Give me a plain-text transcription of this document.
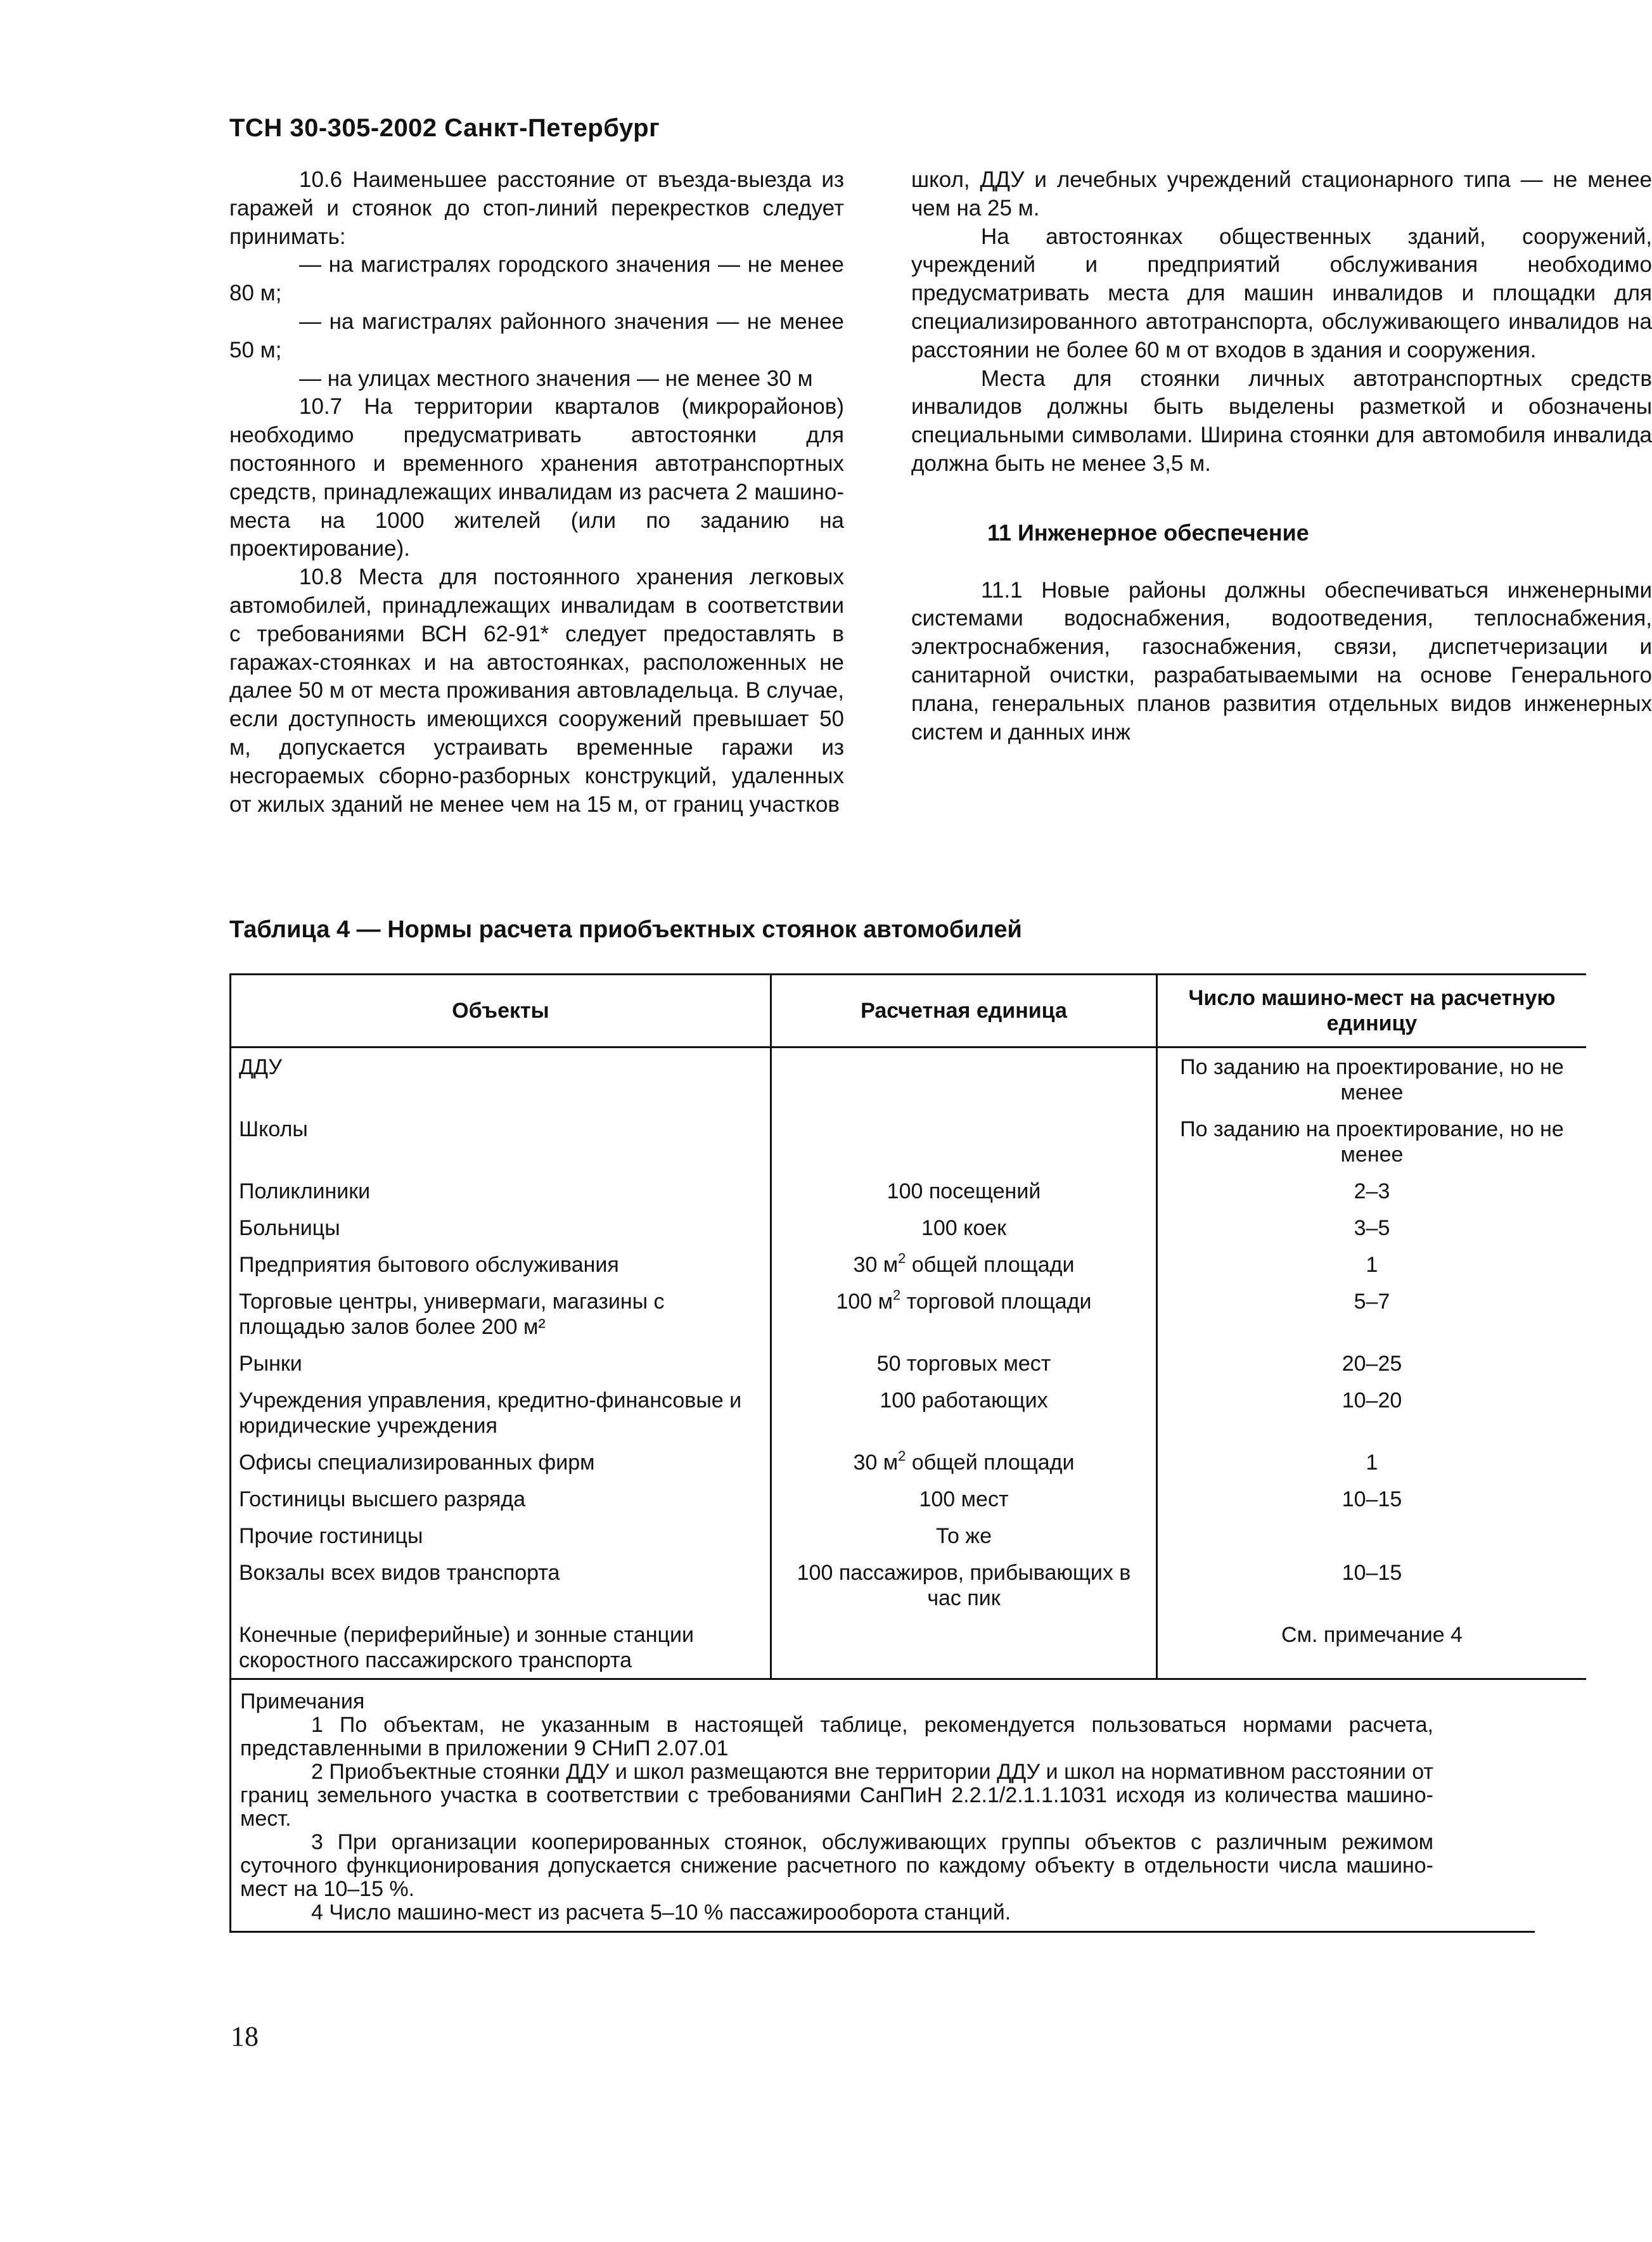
ТСН 30-305-2002 Санкт-Петербург

10.6 Наименьшее расстояние от въезда-выезда из гаражей и стоянок до стоп-линий перекрестков следует принимать:

— на магистралях городского значения — не менее 80 м;

— на магистралях районного значения — не менее 50 м;

— на улицах местного значения — не менее 30 м

10.7 На территории кварталов (микрорайонов) необходимо предусматривать автостоянки для постоянного и временного хранения автотранспортных средств, принадлежащих инвалидам из расчета 2 машино-места на 1000 жителей (или по заданию на проектирование).

10.8 Места для постоянного хранения легковых автомобилей, принадлежащих инвалидам в соответствии с требованиями ВСН 62-91* следует предоставлять в гаражах-стоянках и на автостоянках, расположенных не далее 50 м от места проживания автовладельца. В случае, если доступность имеющихся сооружений превышает 50 м, допускается устраивать временные гаражи из несгораемых сборно-разборных конструкций, удаленных от жилых зданий не менее чем на 15 м, от границ участков

школ, ДДУ и лечебных учреждений стационарного типа — не менее чем на 25 м.

На автостоянках общественных зданий, сооружений, учреждений и предприятий обслуживания необходимо предусматривать места для машин инвалидов и площадки для специализированного автотранспорта, обслуживающего инвалидов на расстоянии не более 60 м от входов в здания и сооружения.

Места для стоянки личных автотранспортных средств инвалидов должны быть выделены разметкой и обозначены специальными символами. Ширина стоянки для автомобиля инвалида должна быть не менее 3,5 м.

11 Инженерное обеспечение

11.1 Новые районы должны обеспечиваться инженерными системами водоснабжения, водоотведения, теплоснабжения, электроснабжения, газоснабжения, связи, диспетчеризации и санитарной очистки, разрабатываемыми на основе Генерального плана, генеральных планов развития отдельных видов инженерных систем и данных инж

Таблица 4 — Нормы расчета приобъектных стоянок автомобилей
Объекты	Расчетная единица	Число машино-мест на расчетную единицу
ДДУ		По заданию на проектирование, но не менее
Школы		По заданию на проектирование, но не менее
Поликлиники	100 посещений	2–3
Больницы	100 коек	3–5
Предприятия бытового обслуживания	30 $м^2$ общей площади	1
Торговые центры, универмаги, магазины с площадью залов более 200 м²	100 $м^2$ торговой площади	5–7
Рынки	50 торговых мест	20–25
Учреждения управления, кредитно-финансовые и юридические учреждения	100 работающих	10–20
Офисы специализированных фирм	30 $м^2$ общей площади	1
Гостиницы высшего разряда	100 мест	10–15
Прочие гостиницы	То же	
Вокзалы всех видов транспорта	100 пассажиров, прибывающих в час пик	10–15
Конечные (периферийные) и зонные станции скоростного пассажирского транспорта		См. примечание 4
Примечания
1 По объектам, не указанным в настоящей таблице, рекомендуется пользоваться нормами расчета, представленными в приложении 9 СНиП 2.07.01
2 Приобъектные стоянки ДДУ и школ размещаются вне территории ДДУ и школ на нормативном расстоянии от границ земельного участка в соответствии с требованиями СанПиН 2.2.1/2.1.1.1031 исходя из количества машино-мест.
3 При организации кооперированных стоянок, обслуживающих группы объектов с различным режимом суточного функционирования допускается снижение расчетного по каждому объекту в отдельности числа машино-мест на 10–15 %.
4 Число машино-мест из расчета 5–10 % пассажирооборота станций.
18
